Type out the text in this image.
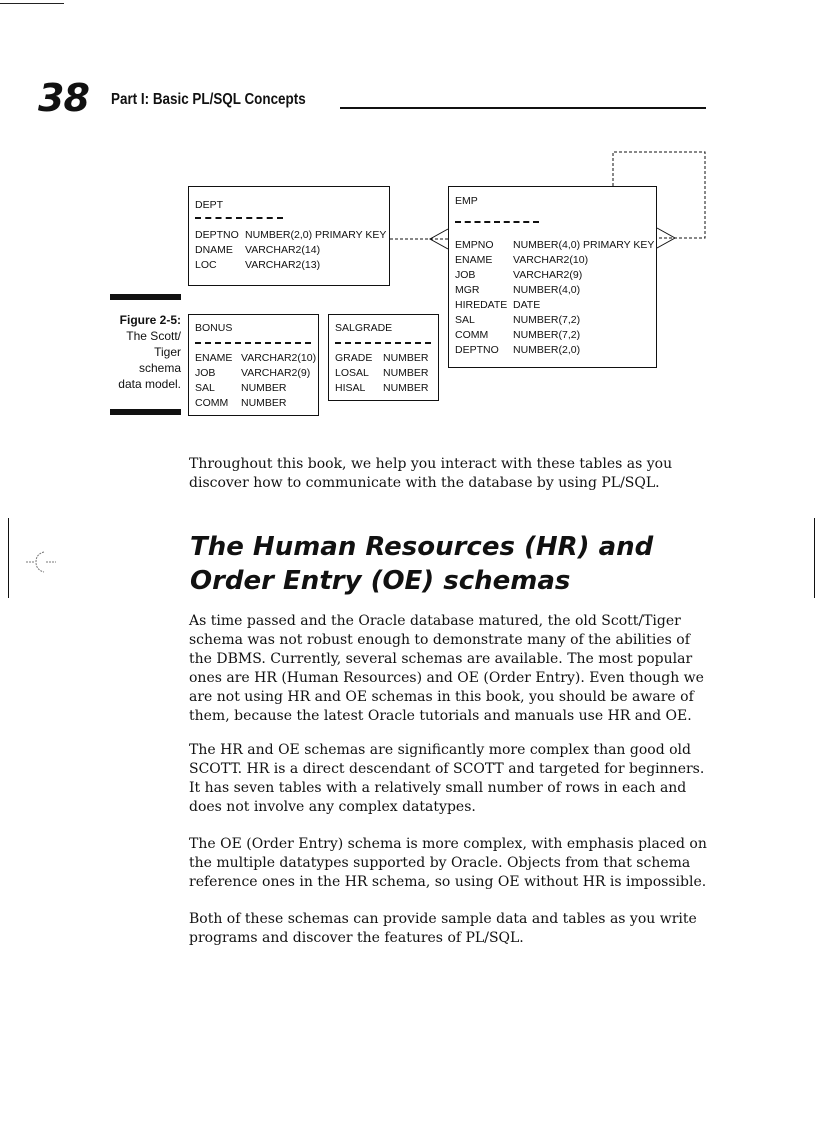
38 Part I: Basic PL/SQL Concepts
Figure 2-5:
The Scott/
Tiger
schema
data model.
DEPT
DEPTNO NUMBER(2,0) PRIMARY KEY
DNAME VARCHAR2(14)
LOC	VARCHAR2(13)
EMP
EMPNO NUMBER(4,0) PRIMARY KEY
ENAME VARCHAR2(10)
JOB	VARCHAR2(9)
MGR	NUMBER(4,0)
HIREDATE DATE
SAL	NUMBER(7,2)
COMM NUMBER(7,2)
DEPTNO NUMBER(2,0)
BONUS
ENAME VARCHAR2(10)
JOB VARCHAR2(9)
SAL NUMBER
COMM NUMBER
SALGRADE
GRADE NUMBER
LOSAL NUMBER
HISAL NUMBER

Throughout this book, we help you interact with these tables as you discover how to communicate with the database by using PL/SQL.

The Human Resources (HR) and
Order Entry (OE) schemas

As time passed and the Oracle database matured, the old Scott/Tiger schema was not robust enough to demonstrate many of the abilities of the DBMS. Currently, several schemas are available. The most popular ones are HR (Human Resources) and OE (Order Entry). Even though we are not using HR and OE schemas in this book, you should be aware of them, because the latest Oracle tutorials and manuals use HR and OE.

The HR and OE schemas are significantly more complex than good old SCOTT. HR is a direct descendant of SCOTT and targeted for beginners. It has seven tables with a relatively small number of rows in each and does not involve any complex datatypes.

The OE (Order Entry) schema is more complex, with emphasis placed on the multiple datatypes supported by Oracle. Objects from that schema reference ones in the HR schema, so using OE without HR is impossible.

Both of these schemas can provide sample data and tables as you write programs and discover the features of PL/SQL.
